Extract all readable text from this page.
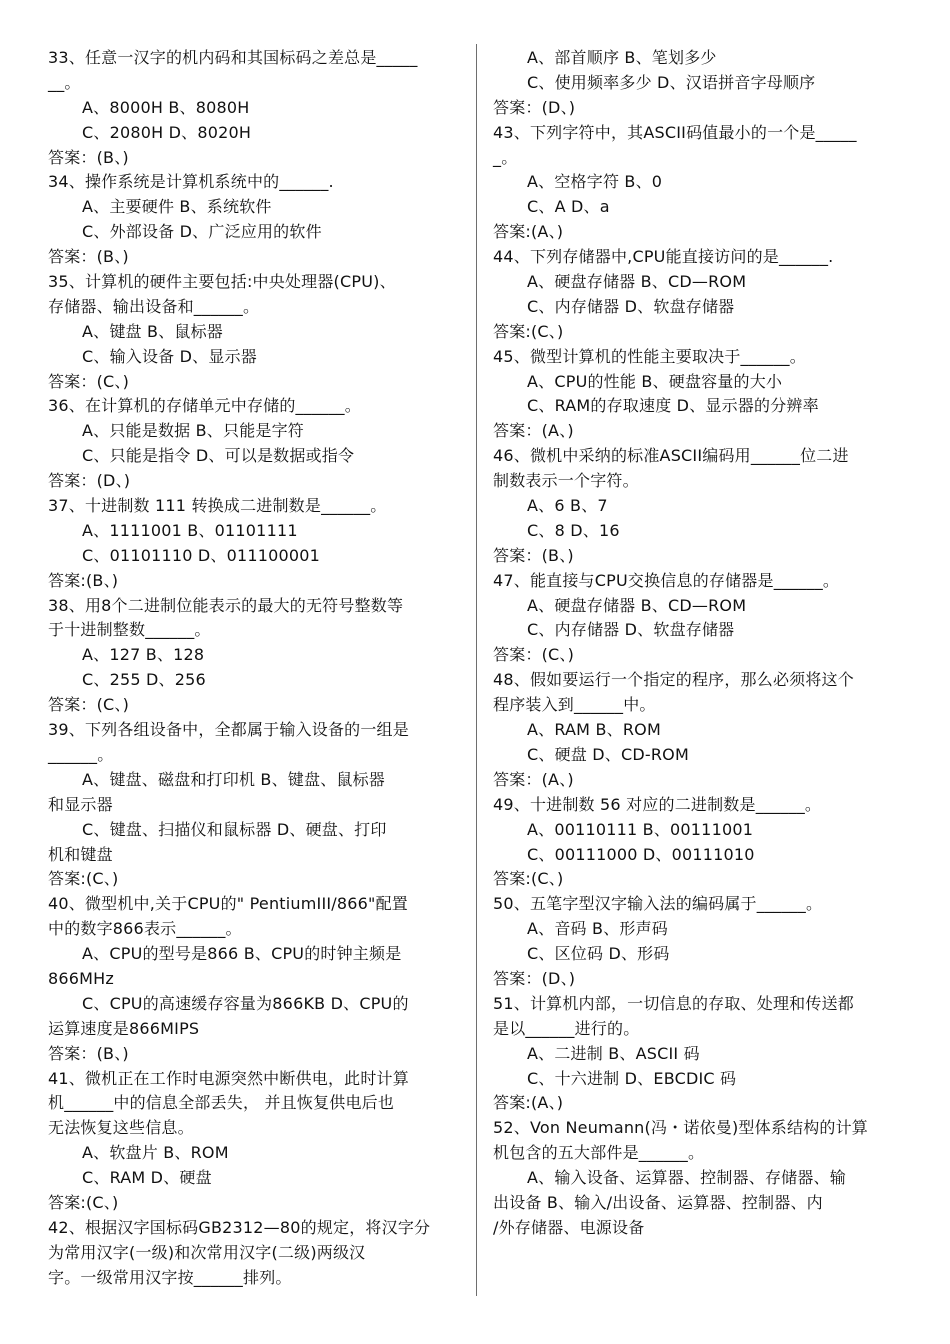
33、任意一汉字的机内码和其国标码之差总是_____
__。
A、8000H B、8080H
C、2080H D、8020H
答案：(B、)
34、操作系统是计算机系统中的______.
A、主要硬件 B、系统软件
C、外部设备 D、广泛应用的软件
答案：(B、)
35、计算机的硬件主要包括:中央处理器(CPU)、
存储器、输出设备和______。
A、键盘 B、鼠标器
C、输入设备 D、显示器
答案：(C、)
36、在计算机的存储单元中存储的______。
A、只能是数据 B、只能是字符
C、只能是指令 D、可以是数据或指令
答案：(D、)
37、十进制数 111 转换成二进制数是______。
A、1111001 B、01101111
C、01101110 D、011100001
答案:(B、)
38、用8个二进制位能表示的最大的无符号整数等
于十进制整数______。
A、127 B、128
C、255 D、256
答案：(C、)
39、下列各组设备中，全都属于输入设备的一组是
______。
A、键盘、磁盘和打印机 B、键盘、鼠标器
和显示器
C、键盘、扫描仪和鼠标器 D、硬盘、打印
机和键盘
答案:(C、)
40、微型机中,关于CPU的" PentiumIII/866"配置
中的数字866表示______。
A、CPU的型号是866 B、CPU的时钟主频是
866MHz
C、CPU的高速缓存容量为866KB D、CPU的
运算速度是866MIPS
答案：(B、)
41、微机正在工作时电源突然中断供电，此时计算
机______中的信息全部丢失， 并且恢复供电后也
无法恢复这些信息。
A、软盘片 B、ROM
C、RAM D、硬盘
答案:(C、)
42、根据汉字国标码GB2312—80的规定，将汉字分
为常用汉字(一级)和次常用汉字(二级)两级汉
字。一级常用汉字按______排列。
A、部首顺序 B、笔划多少
C、使用频率多少 D、汉语拼音字母顺序
答案：(D、)
43、下列字符中，其ASCII码值最小的一个是_____
_。
A、空格字符 B、0
C、A D、a
答案:(A、)
44、下列存储器中,CPU能直接访问的是______.
A、硬盘存储器 B、CD—ROM
C、内存储器 D、软盘存储器
答案:(C、)
45、微型计算机的性能主要取决于______。
A、CPU的性能 B、硬盘容量的大小
C、RAM的存取速度 D、显示器的分辨率
答案：(A、)
46、微机中采纳的标准ASCII编码用______位二进
制数表示一个字符。
A、6 B、7
C、8 D、16
答案：(B、)
47、能直接与CPU交换信息的存储器是______。
A、硬盘存储器 B、CD—ROM
C、内存储器 D、软盘存储器
答案：(C、)
48、假如要运行一个指定的程序，那么必须将这个
程序装入到______中。
A、RAM B、ROM
C、硬盘 D、CD-ROM
答案：(A、)
49、十进制数 56 对应的二进制数是______。
A、00110111 B、00111001
C、00111000 D、00111010
答案:(C、)
50、五笔字型汉字输入法的编码属于______。
A、音码 B、形声码
C、区位码 D、形码
答案：(D、)
51、计算机内部，一切信息的存取、处理和传送都
是以______进行的。
A、二进制 B、ASCII 码
C、十六进制 D、EBCDIC 码
答案:(A、)
52、Von Neumann(冯・诺依曼)型体系结构的计算
机包含的五大部件是______。
A、输入设备、运算器、控制器、存储器、输
出设备 B、输入/出设备、运算器、控制器、内
/外存储器、电源设备
